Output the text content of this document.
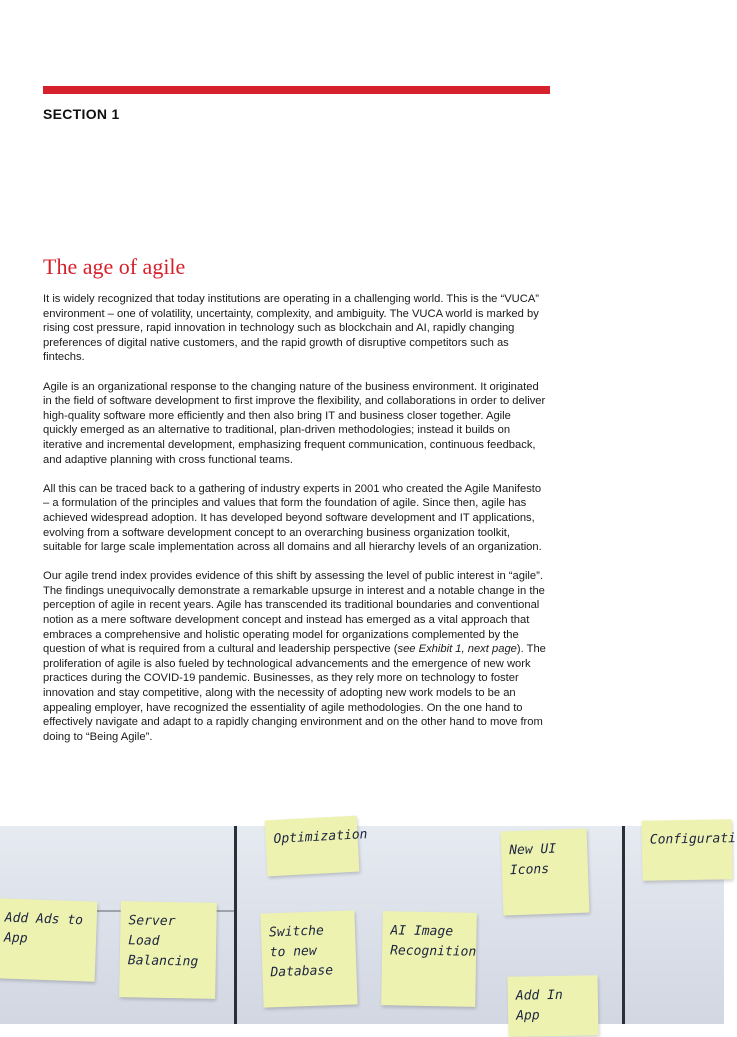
SECTION 1
The age of agile

It is widely recognized that today institutions are operating in a challenging world. This is the “VUCA” environment – one of volatility, uncertainty, complexity, and ambiguity. The VUCA world is marked by rising cost pressure, rapid innovation in technology such as blockchain and AI, rapidly changing preferences of digital native customers, and the rapid growth of disruptive competitors such as fintechs.

Agile is an organizational response to the changing nature of the business environment. It originated in the field of software development to first improve the flexibility, and collaborations in order to deliver high-quality software more efficiently and then also bring IT and business closer together. Agile quickly emerged as an alternative to traditional, plan-driven methodologies; instead it builds on iterative and incremental development, emphasizing frequent communication, continuous feedback, and adaptive planning with cross functional teams.

All this can be traced back to a gathering of industry experts in 2001 who created the Agile Manifesto – a formulation of the principles and values that form the foundation of agile. Since then, agile has achieved widespread adoption. It has developed beyond software development and IT applications, evolving from a software development concept to an overarching business organization toolkit, suitable for large scale implementation across all domains and all hierarchy levels of an organization.

Our agile trend index provides evidence of this shift by assessing the level of public interest in “agile”. The findings unequivocally demonstrate a remarkable upsurge in interest and a notable change in the perception of agile in recent years. Agile has transcended its traditional boundaries and conventional notion as a mere software development concept and instead has emerged as a vital approach that embraces a comprehensive and holistic operating model for organizations complemented by the question of what is required from a cultural and leadership perspective (see Exhibit 1, next page). The proliferation of agile is also fueled by technological advancements and the emergence of new work practices during the COVID-19 pandemic. Businesses, as they rely more on technology to foster innovation and stay competitive, along with the necessity of adopting new work models to be an appealing employer, have recognized the essentiality of agile methodologies. On the one hand to effectively navigate and adapt to a rapidly changing environment and on the other hand to move from doing to “Being Agile”.

Optimization
New UI Icons
Configurati
Add Ads to App
Server Load Balancing
Switche to new Database
AI Image Recognition
Add In App
